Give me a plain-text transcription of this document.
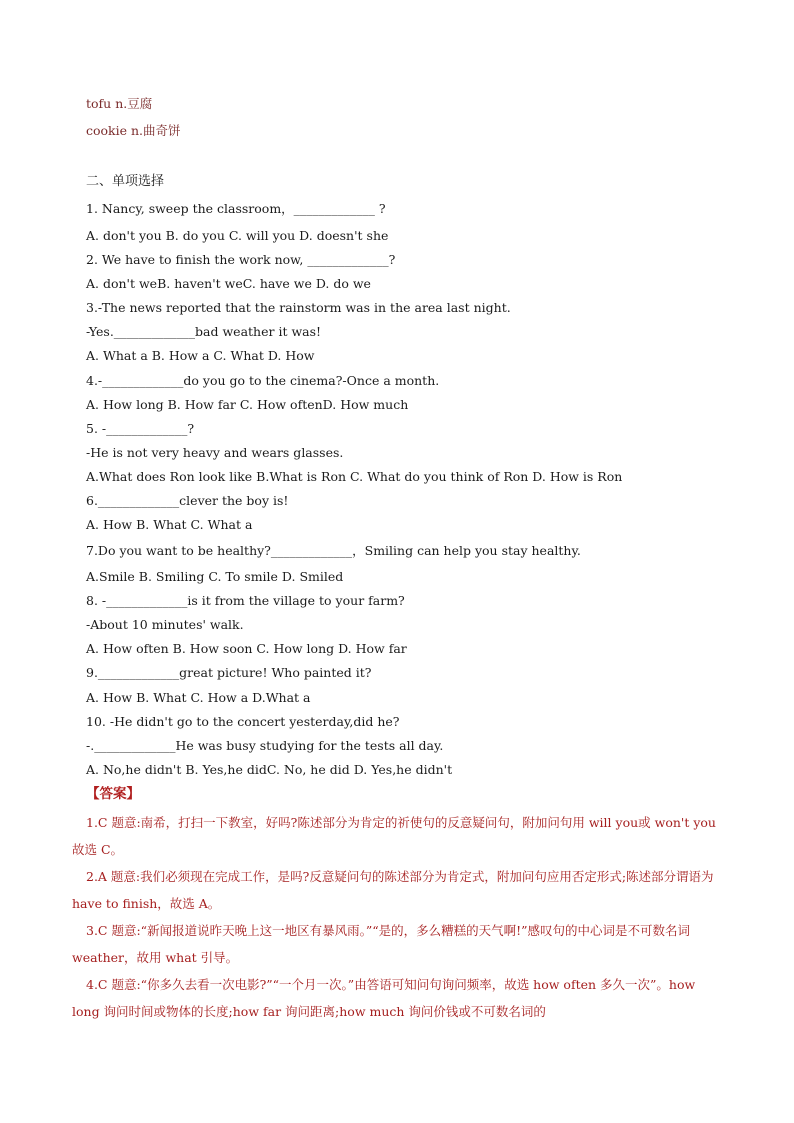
tofu n.豆腐
cookie n.曲奇饼
二、单项选择
1. Nancy, sweep the classroom，_____________ ?
A. don't you B. do you C. will you D. doesn't she
2. We have to finish the work now, _____________?
A. don't weB. haven't weC. have we D. do we
3.-The news reported that the rainstorm was in the area last night.
-Yes._____________bad weather it was!
A. What a B. How a C. What D. How
4.-_____________do you go to the cinema?-Once a month.
A. How long B. How far C. How oftenD. How much
5. -_____________?
-He is not very heavy and wears glasses.
A.What does Ron look like B.What is Ron C. What do you think of Ron D. How is Ron
6._____________clever the boy is!
A. How B. What C. What a
7.Do you want to be healthy?_____________，Smiling can help you stay healthy.
A.Smile B. Smiling C. To smile D. Smiled
8. -_____________is it from the village to your farm?
-About 10 minutes' walk.
A. How often B. How soon C. How long D. How far
9._____________great picture! Who painted it?
A. How B. What C. How a D.What a
10. -He didn't go to the concert yesterday,did he?
-._____________He was busy studying for the tests all day.
A. No,he didn't B. Yes,he didC. No, he did D. Yes,he didn't
【答案】
1.C 题意:南希，打扫一下教室，好吗?陈述部分为肯定的祈使句的反意疑问句，附加问句用 will you或 won't you 故选 C。
2.A 题意:我们必须现在完成工作，是吗?反意疑问句的陈述部分为肯定式，附加问句应用否定形式;陈述部分谓语为 have to finish，故选 A。
3.C 题意:“新闻报道说昨天晚上这一地区有暴风雨。”“是的，多么糟糕的天气啊!”感叹句的中心词是不可数名词 weather，故用 what 引导。
4.C 题意:“你多久去看一次电影?”“一个月一次。”由答语可知问句询问频率，故选 how often 多久一次”。how long 询问时间或物体的长度;how far 询问距离;how much 询问价钱或不可数名词的
